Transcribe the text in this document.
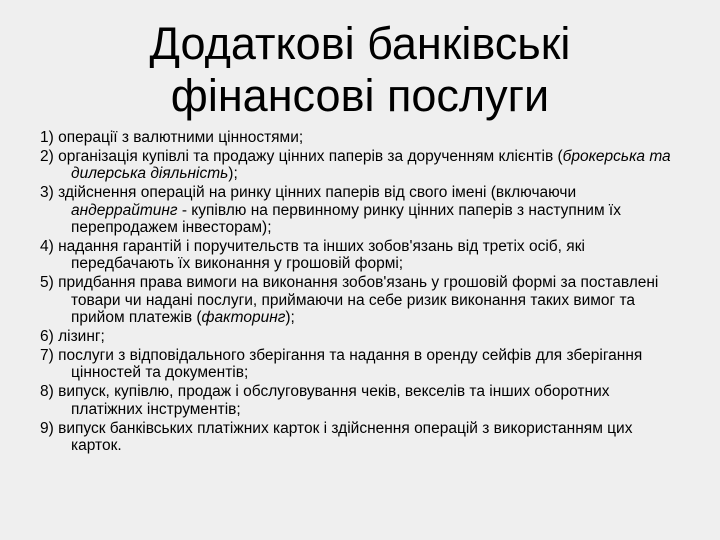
Додаткові банківські
фінансові послуги
1) операції з валютними цінностями;
2) організація купівлі та продажу цінних паперів за дорученням клієнтів (брокерська та дилерська діяльність);
3) здійснення операцій на ринку цінних паперів від свого імені (включаючи андеррайтинг - купівлю на первинному ринку цінних паперів з наступним їх перепродажем інвесторам);
4) надання гарантій і поручительств та інших зобов'язань від третіх осіб, які передбачають їх виконання у грошовій формі;
5) придбання права вимоги на виконання зобов'язань у грошовій формі за поставлені товари чи надані послуги, приймаючи на себе ризик виконання таких вимог та прийом платежів (факторинг);
6) лізинг;
7) послуги з відповідального зберігання та надання в оренду сейфів для зберігання цінностей та документів;
8) випуск, купівлю, продаж і обслуговування чеків, векселів та інших оборотних платіжних інструментів;
9) випуск банківських платіжних карток і здійснення операцій з використанням цих карток.
